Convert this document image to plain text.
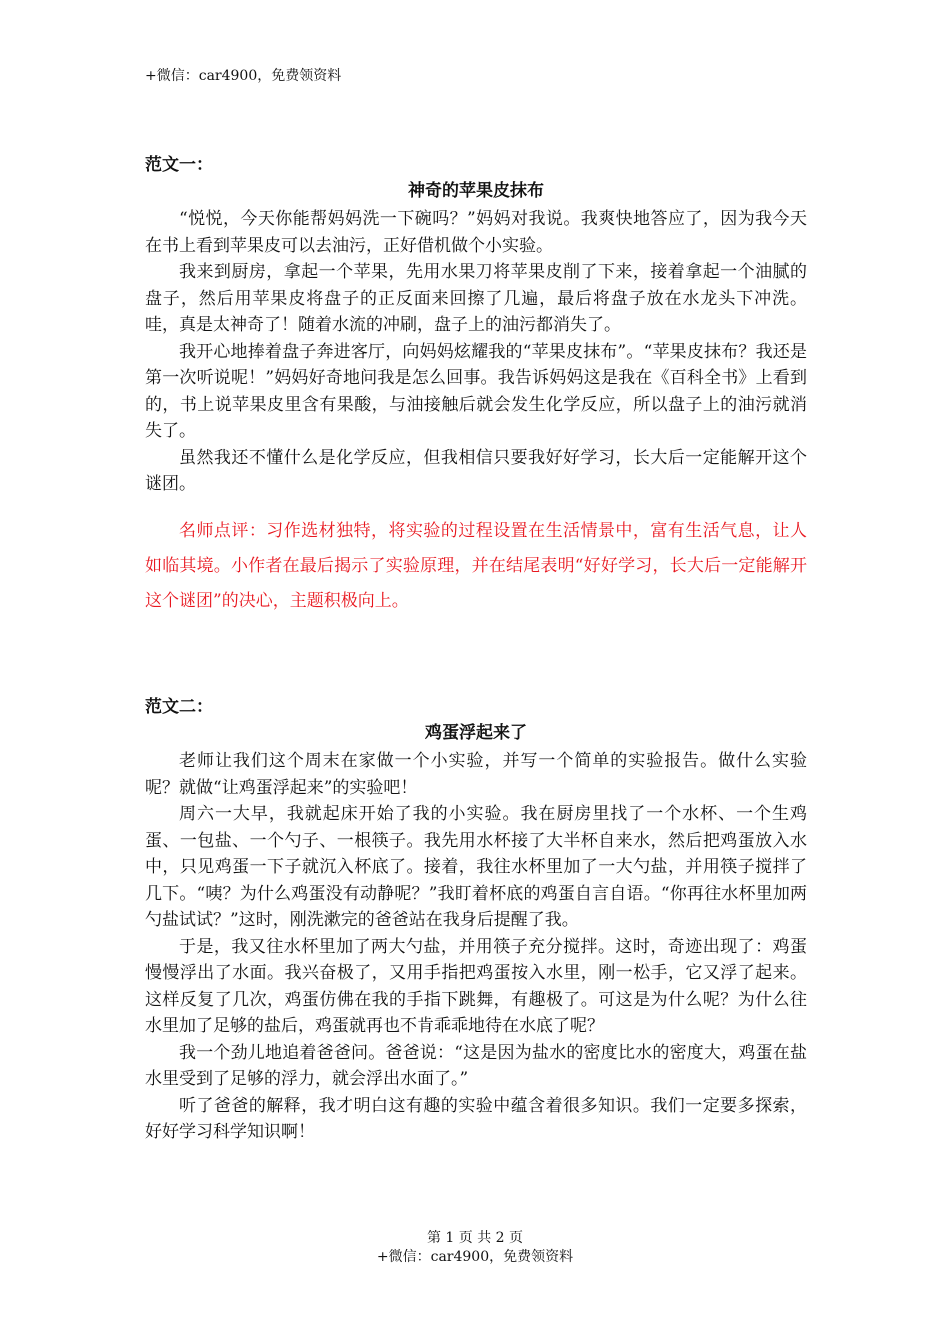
+微信：car4900，免费领资料

范文一：

神奇的苹果皮抹布

“悦悦，今天你能帮妈妈洗一下碗吗？”妈妈对我说。我爽快地答应了，因为我今天在书上看到苹果皮可以去油污，正好借机做个小实验。

我来到厨房，拿起一个苹果，先用水果刀将苹果皮削了下来，接着拿起一个油腻的盘子，然后用苹果皮将盘子的正反面来回擦了几遍，最后将盘子放在水龙头下冲洗。哇，真是太神奇了！随着水流的冲刷，盘子上的油污都消失了。

我开心地捧着盘子奔进客厅，向妈妈炫耀我的“苹果皮抹布”。“苹果皮抹布？我还是第一次听说呢！”妈妈好奇地问我是怎么回事。我告诉妈妈这是我在《百科全书》上看到的，书上说苹果皮里含有果酸，与油接触后就会发生化学反应，所以盘子上的油污就消失了。

虽然我还不懂什么是化学反应，但我相信只要我好好学习，长大后一定能解开这个谜团。

名师点评：习作选材独特，将实验的过程设置在生活情景中，富有生活气息，让人如临其境。小作者在最后揭示了实验原理，并在结尾表明“好好学习，长大后一定能解开这个谜团”的决心，主题积极向上。

范文二：

鸡蛋浮起来了

老师让我们这个周末在家做一个小实验，并写一个简单的实验报告。做什么实验呢？就做“让鸡蛋浮起来”的实验吧！

周六一大早，我就起床开始了我的小实验。我在厨房里找了一个水杯、一个生鸡蛋、一包盐、一个勺子、一根筷子。我先用水杯接了大半杯自来水，然后把鸡蛋放入水中，只见鸡蛋一下子就沉入杯底了。接着，我往水杯里加了一大勺盐，并用筷子搅拌了几下。“咦？为什么鸡蛋没有动静呢？”我盯着杯底的鸡蛋自言自语。“你再往水杯里加两勺盐试试？”这时，刚洗漱完的爸爸站在我身后提醒了我。

于是，我又往水杯里加了两大勺盐，并用筷子充分搅拌。这时，奇迹出现了：鸡蛋慢慢浮出了水面。我兴奋极了，又用手指把鸡蛋按入水里，刚一松手，它又浮了起来。这样反复了几次，鸡蛋仿佛在我的手指下跳舞，有趣极了。可这是为什么呢？为什么往水里加了足够的盐后，鸡蛋就再也不肯乖乖地待在水底了呢？

我一个劲儿地追着爸爸问。爸爸说：“这是因为盐水的密度比水的密度大，鸡蛋在盐水里受到了足够的浮力，就会浮出水面了。”

听了爸爸的解释，我才明白这有趣的实验中蕴含着很多知识。我们一定要多探索，好好学习科学知识啊！

第 1 页 共 2 页
+微信：car4900，免费领资料
